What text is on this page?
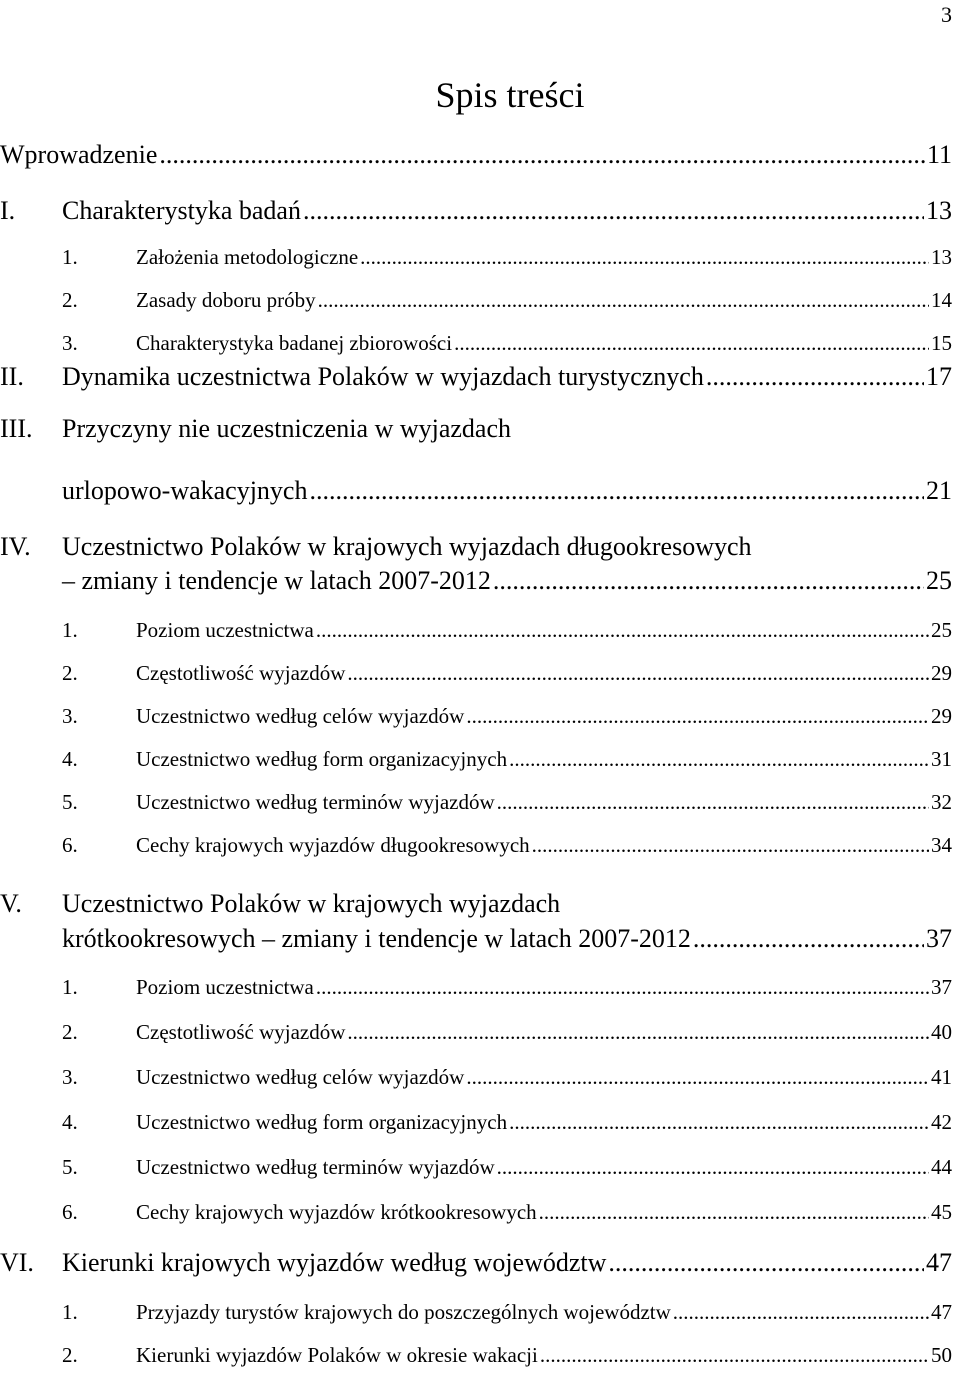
3
Spis treści
Wprowadzenie .....	11
I.	Charakterystyka badań .....	13
1.	Założenia metodologiczne .....	13
2.	Zasady doboru próby .....	14
3.	Charakterystyka badanej zbiorowości .....	15
II.	Dynamika uczestnictwa Polaków w wyjazdach turystycznych .....	17
III. Przyczyny nie uczestniczenia w wyjazdach
urlopowo-wakacyjnych .....	21
IV. Uczestnictwo Polaków w krajowych wyjazdach długookresowych
– zmiany i tendencje w latach 2007-2012 .....	25
1.	Poziom uczestnictwa .....	25
2.	Częstotliwość wyjazdów .....	29
3.	Uczestnictwo według celów wyjazdów .....	29
4.	Uczestnictwo według form organizacyjnych .....	31
5.	Uczestnictwo według terminów wyjazdów .....	32
6.	Cechy krajowych wyjazdów długookresowych .....	34
V. Uczestnictwo Polaków w krajowych wyjazdach
krótkookresowych – zmiany i tendencje w latach 2007-2012 .....	37
1.	Poziom uczestnictwa .....	37
2.	Częstotliwość wyjazdów .....	40
3.	Uczestnictwo według celów wyjazdów .....	41
4.	Uczestnictwo według form organizacyjnych .....	42
5.	Uczestnictwo według terminów wyjazdów .....	44
6.	Cechy krajowych wyjazdów krótkookresowych .....	45
VI.	Kierunki krajowych wyjazdów według województw .....	47
1.	Przyjazdy turystów krajowych do poszczególnych województw .....	47
2.	Kierunki wyjazdów Polaków w okresie wakacji .....	50
